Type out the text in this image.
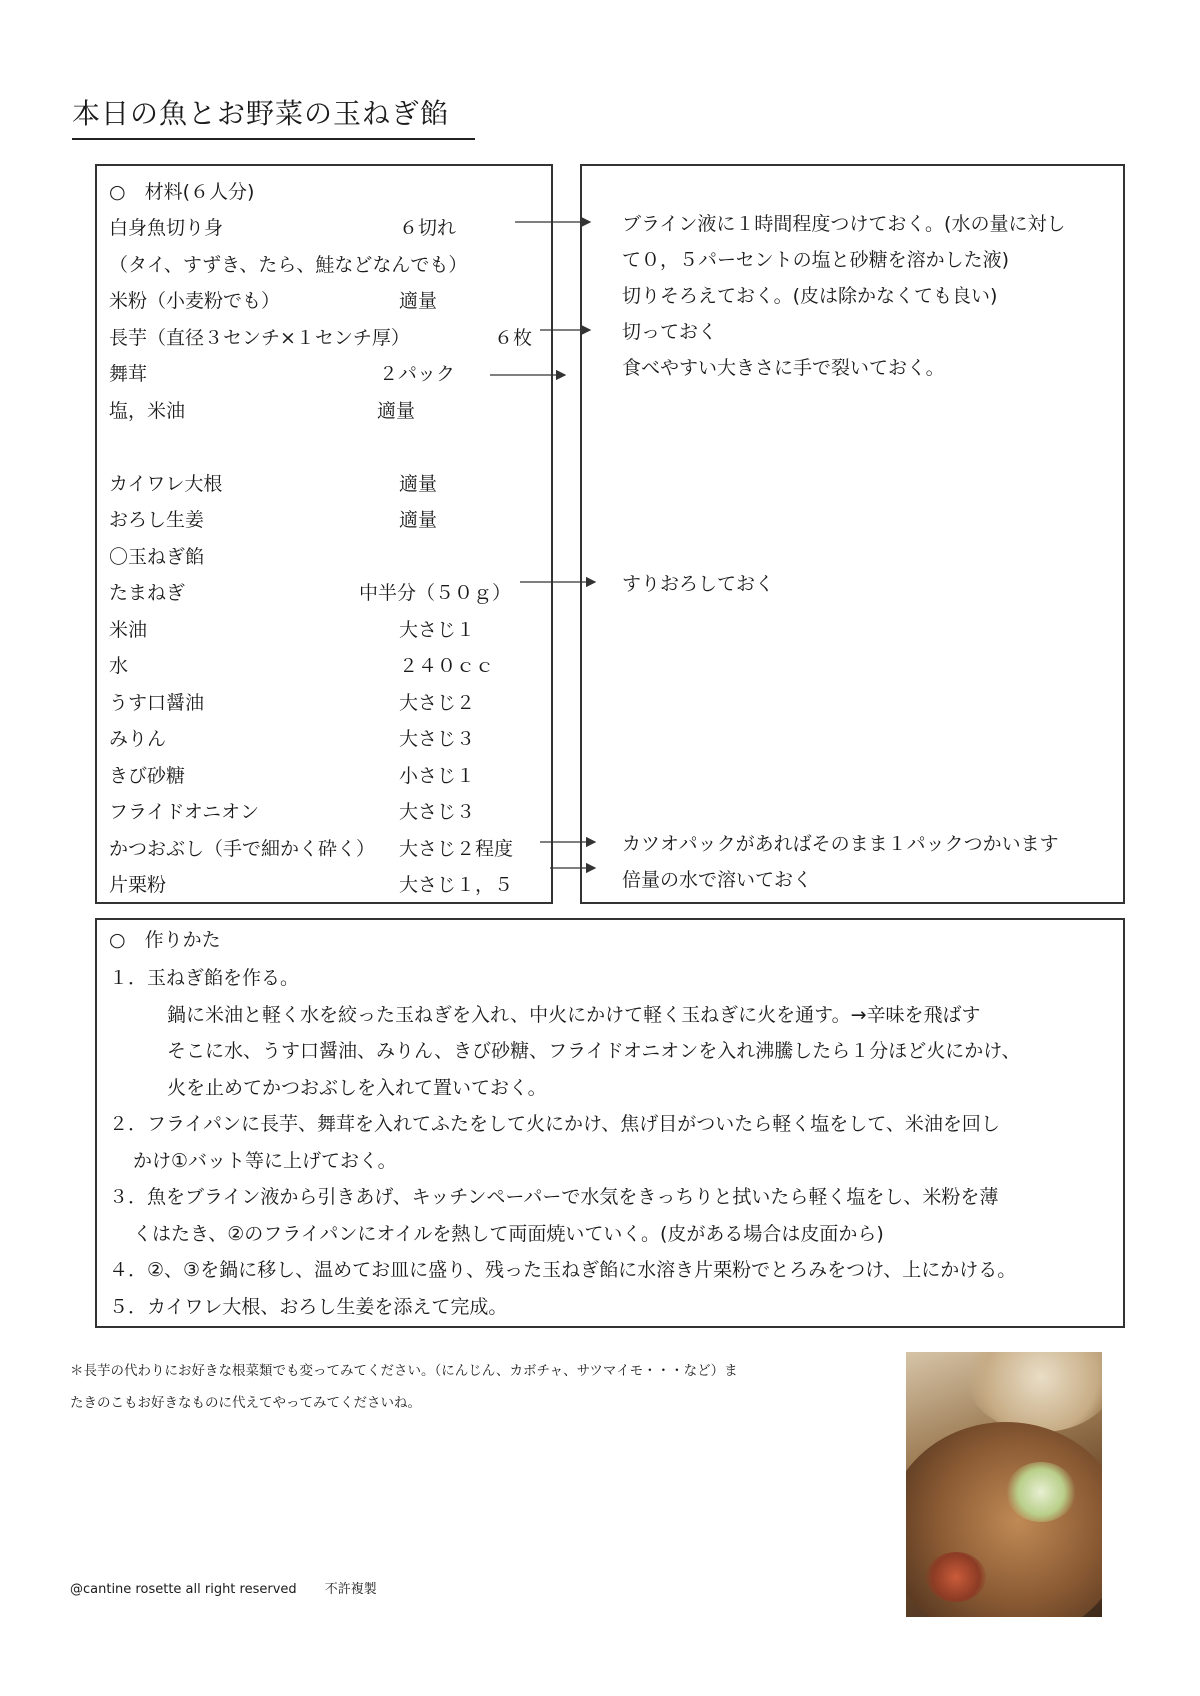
本日の魚とお野菜の玉ねぎ餡
○　材料(６人分)
白身魚切り身	６切れ
（タイ、すずき、たら、鮭などなんでも）
米粉（小麦粉でも）	適量
長芋（直径３センチ×１センチ厚）	６枚
舞茸	２パック
塩，米油	適量
カイワレ大根	適量
おろし生姜	適量
〇玉ねぎ餡
たまねぎ	中半分（５０ｇ）
米油	大さじ１
水	２４０ｃｃ
うす口醤油	大さじ２
みりん	大さじ３
きび砂糖	小さじ１
フライドオニオン	大さじ３
かつおぶし（手で細かく砕く） 大さじ２程度
片栗粉	大さじ１，５
ブライン液に１時間程度つけておく。(水の量に対し
て０，５パーセントの塩と砂糖を溶かした液)
切りそろえておく。(皮は除かなくても良い)
切っておく
食べやすい大きさに手で裂いておく。
すりおろしておく
カツオパックがあればそのまま１パックつかいます
倍量の水で溶いておく
○　作りかた
１．玉ねぎ餡を作る。
鍋に米油と軽く水を絞った玉ねぎを入れ、中火にかけて軽く玉ねぎに火を通す。→辛味を飛ばす
そこに水、うす口醤油、みりん、きび砂糖、フライドオニオンを入れ沸騰したら１分ほど火にかけ、
火を止めてかつおぶしを入れて置いておく。
２．フライパンに長芋、舞茸を入れてふたをして火にかけ、焦げ目がついたら軽く塩をして、米油を回し
かけ①バット等に上げておく。
３．魚をブライン液から引きあげ、キッチンペーパーで水気をきっちりと拭いたら軽く塩をし、米粉を薄
くはたき、②のフライパンにオイルを熱して両面焼いていく。(皮がある場合は皮面から)
４．②、③を鍋に移し、温めてお皿に盛り、残った玉ねぎ餡に水溶き片栗粉でとろみをつけ、上にかける。
５．カイワレ大根、おろし生姜を添えて完成。
＊長芋の代わりにお好きな根菜類でも変ってみてください。（にんじん、カボチャ、サツマイモ・・・など）ま
たきのこもお好きなものに代えてやってみてくださいね。
@cantine rosette all right reserved 不許複製
